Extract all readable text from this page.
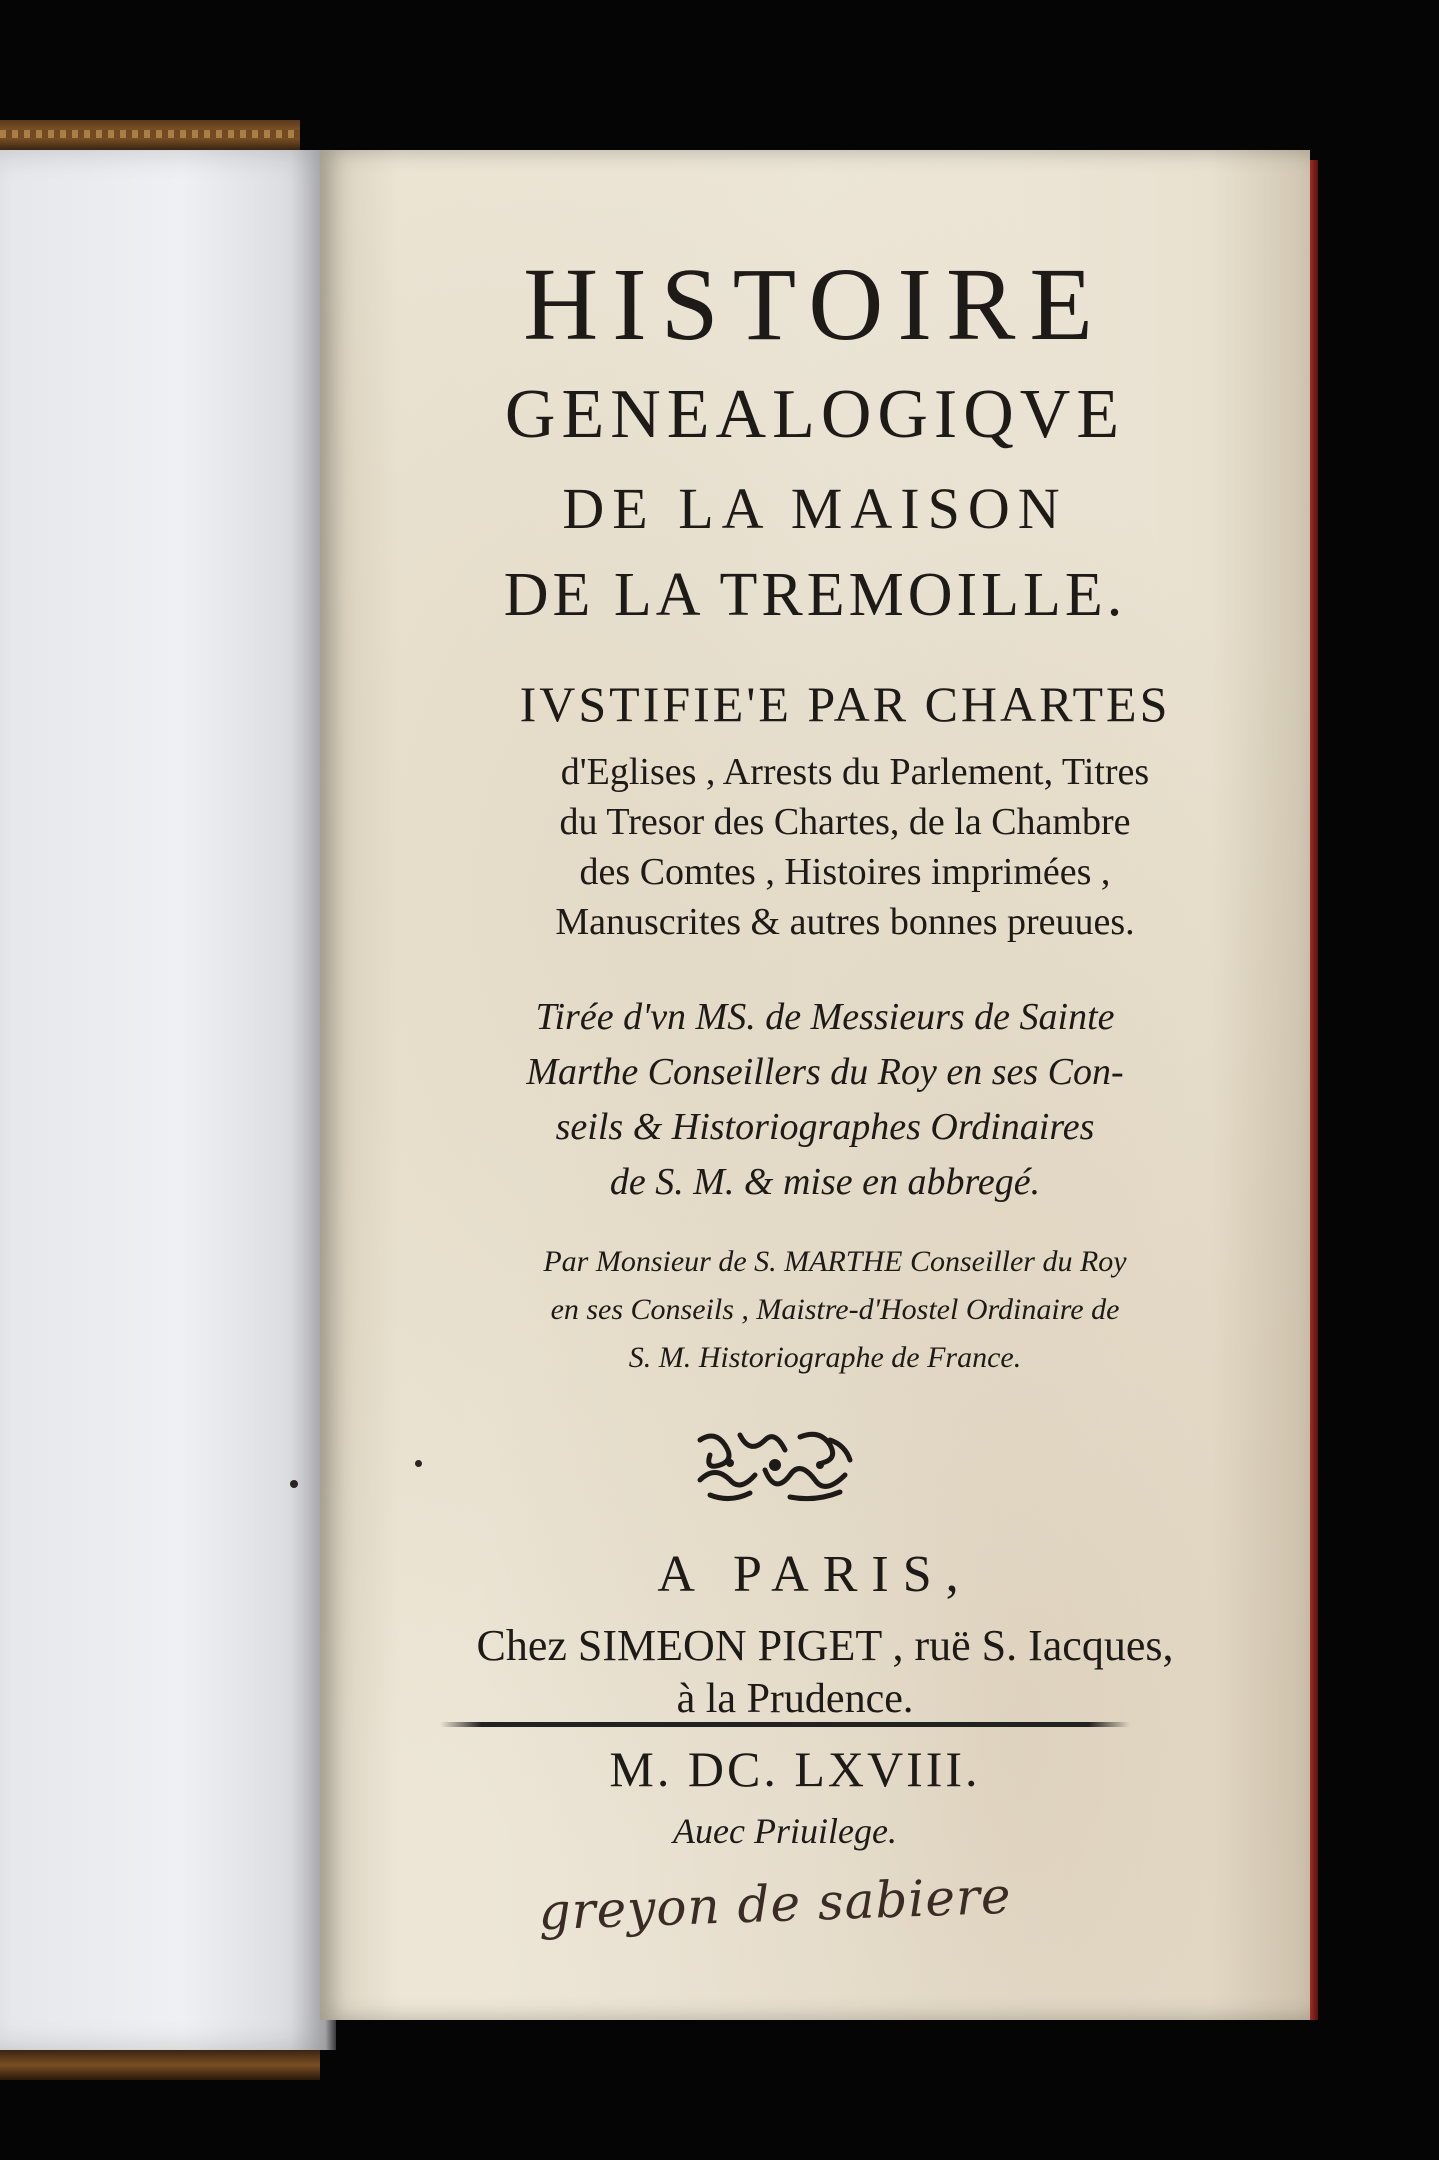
HISTOIRE
GENEALOGIQVE
DE LA MAISON
DE LA TREMOILLE.
IVSTIFIE'E PAR CHARTES
d'Eglises , Arrests du Parlement, Titres
du Tresor des Chartes, de la Chambre
des Comtes , Histoires imprimées ,
Manuscrites & autres bonnes preuues.
Tirée d'vn MS. de Messieurs de Sainte
Marthe Conseillers du Roy en ses Con-
seils & Historiographes Ordinaires
de S. M. & mise en abbregé.
Par Monsieur de S. MARTHE Conseiller du Roy
en ses Conseils , Maistre-d'Hostel Ordinaire de
S. M. Historiographe de France.
A PARIS,
Chez SIMEON PIGET , ruë S. Iacques,
à la Prudence.
M. DC. LXVIII.
Auec Priuilege.
greyon de sabiere
